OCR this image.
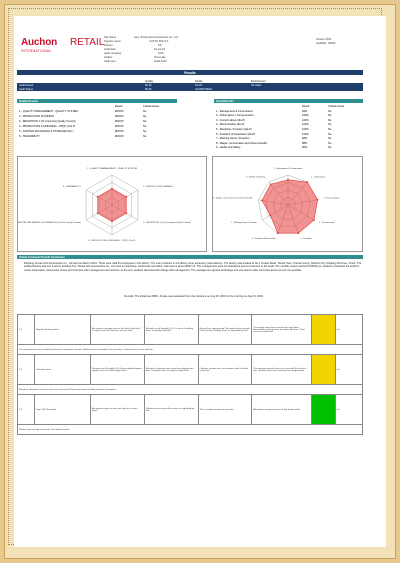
Auchon RETAIL
INTERNATIONAL
Site Name :
Supplier name :
Factory :
Audit date :
Audit company :
Auditor :
Audit type :
sany Jinxiao Arts Accessories Co., Ltd
CUSTO POLO A.
SS
15-oct-15
SGS
Sinna dao
Initial Audit
Version 2015
AuditRef : 00000
Results
Quality	Social	Environment
Audit Result	80,46	93.1%	No Value
Audit Status	80,46	ACCEPTABLE
Quality Results
Result	Critical Issues
1 - QUALITY MANAGEMENT - QUALITY SYSTEM	#DIV/0!	No
2 - PRODUCTION PLANNING	#DIV/0!	No
3 - RECEPTION 1 QC (Incoming Quality Control)	#DIV/0!	No
4 - PRODUCTION & FINISHING - OPQC (Out Pr	#DIV/0!	No
5 - AUDITED PACKAGING & STORAGE FQC (	#DIV/0!	No
6 - TRAINABILITY	#DIV/0!	No
Social Results
Result	Critical Issues
1 - Management & Commitment	84%	No
2 - Child Labour / Young workers	100%	No
3 - Forced Labour (dis-P)	100%	No
4 - Discrimination (dis-P)	100%	No
5 - Discipline / Freedom (dis-P)	100%	No
6 - Freedom of Association (dis-P)	100%	No
7 - Working Hours / Freedom	68%	No
8 - Wages, remuneration and others benefits	88%	No
9 - Health and Safety	90%	No
1 - QUALITY MANAGEMENT - QUALITY SYSTEM
2 - PRODUCTION PLANNING
3 - RECEPTION 1 QC (Incoming Quality Control)
4 - PRODUCTION & FINISHING - OPQC (Out Pr
5 - AUDITED PACKAGING & STORAGE FQC (Final Quality Control)
6 - TRAINABILITY
1 - Management & Commitment
2 - Child Labour
3 - Forced Labour
4 - Discrimination
5 - Discipline
6 - Freedom of Association
7 - Working Hours / Freedom
8 - Wages, remuneration and others benefits
9 - Health and Safety
Global Comment/ Overall Conclusion
Zhejiang Jinxiao Arts Accessories Co., Ltd was founded in 2001. There were total 53 employees in the factory. The main products in the factory were accessory (decorations). The factory was located at No.1 Jinxiao Road, Tiantai Town, Tiantai County, Taizhou City, Zhejiang Province, China. The audited factory had one 4-storey building from Tiantai Arts Accessories Co., Ltd used as workshop, warehouse and office; total area is about 9000 m2. The management gave full assistance and commitment to the audit. The monthly output reached 150000 pcs. Auditors conducted the audit by onsite observation, documents review and interview with management and workers. At the end, auditors discussed all findings with management. The management agreed all findings and promised to take corrective action as soon as possible.
Remark: The initial new RMS, Jinxiao was evaluated from the inference on Aug 15, 2015 to the morning on Aug 16, 2015.
2.1	Regular Working Hours	Are workers working hours in the limits of the law? Is regular work of 8 hours or less per day?	Records are all (maybe) OK. It is up to 8 working hours for quality checked?	Records are documented. No regular hours records of the factory. Working hours as regulated by law?	The regular work hours reached the legal limits. Reasonable working hours are within law limits. Total hours are within law.		Yes
The working hours were verified by electronic attendance system. Working hours normally 8 hours per day. Overtime hours in line with law.							
2.2	Overtime hours	Records are all (maybe) OK. Hours worked beyond regular hours are within legal limits?	Records of overtime work record are aligned with data. Overtime hours recorded is within limit.	Overtime records are in accordance with the limits of the law?	The overtime worked hours are in line with the limits of law. Overtime hours are voluntary and compensated.		Yes
Based on attendance records, there were not over 60 hours per week including overtime for workers.							
2.3	Days Off / Rest days	Are workers given at least one day off in seven days?	Workers got one day off per week as regulated by law.	The rest days records are accurate.	All workers are given at least 1 day off per week.		Yes
Workers got rest day each week. No violation found.							
